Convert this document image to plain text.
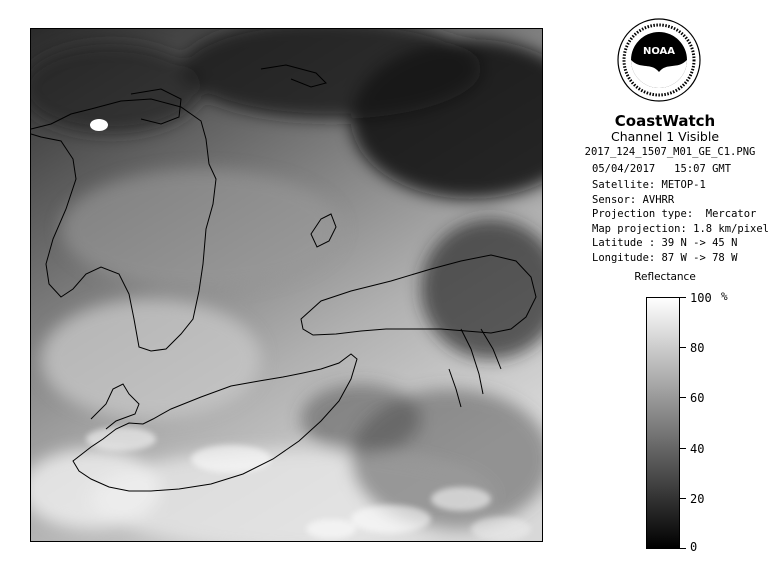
NOAA
CoastWatch
Channel 1 Visible
2017_124_1507_M01_GE_C1.PNG
05/04/2017   15:07 GMT
Satellite: METOP-1
Sensor: AVHRR
Projection type:  Mercator
Map projection: 1.8 km/pixel
Latitude : 39 N -> 45 N
Longitude: 87 W -> 78 W
Reflectance
%
100
80
60
40
20
0
